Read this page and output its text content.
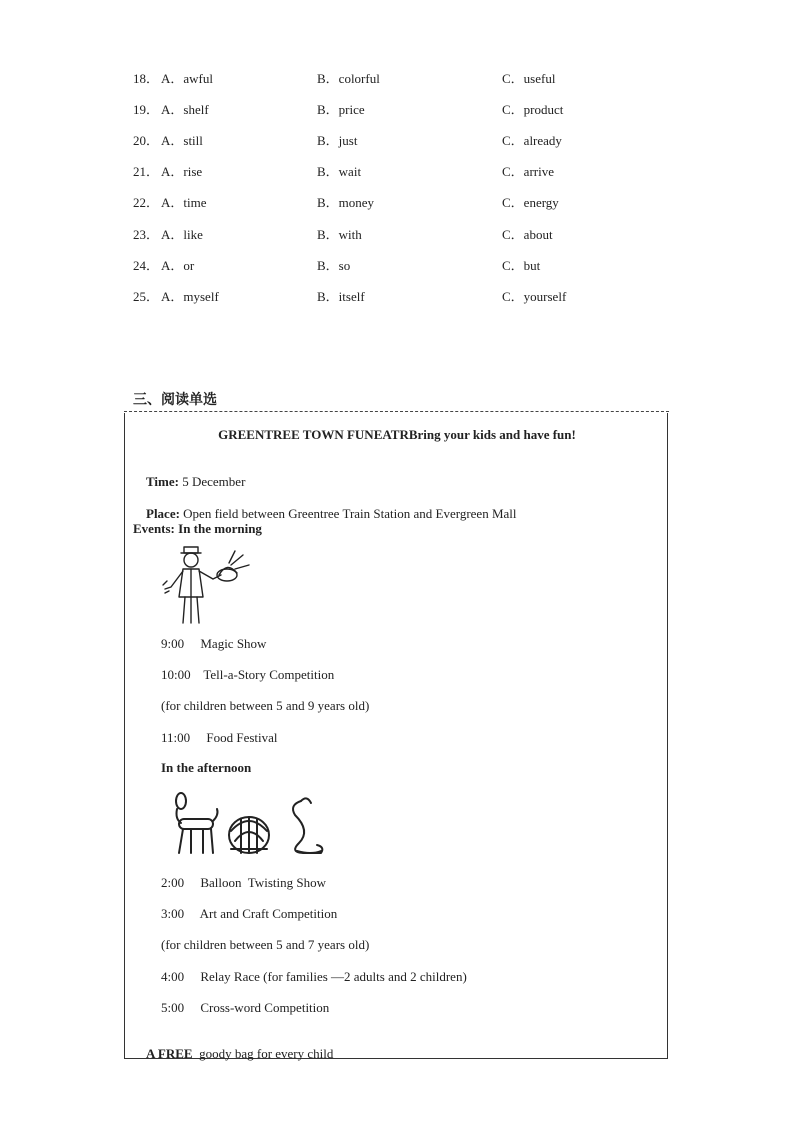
18． A．awful	B．colorful	C．useful
19． A．shelf	B．price	C．product
20． A．still	B．just	C．already
21． A．rise	B．wait	C．arrive
22． A．time	B．money	C．energy
23． A．like	B．with	C．about
24． A．or	B．so	C．but
25． A．myself	B．itself	C．yourself
三、阅读单选
GREENTREE TOWN FUNEATRBring your kids and have fun!

Time: 5 December

Place: Open field between Greentree Train Station and Evergreen Mall

Events: In the morning
9:00     Magic Show
10:00    Tell-a-Story Competition
(for children between 5 and 9 years old)
11:00     Food Festival
In the afternoon
2:00     Balloon  Twisting Show
3:00     Art and Craft Competition
(for children between 5 and 7 years old)
4:00     Relay Race (for families —2 adults and 2 children)
5:00     Cross-word Competition

A FREE  goody bag for every child
